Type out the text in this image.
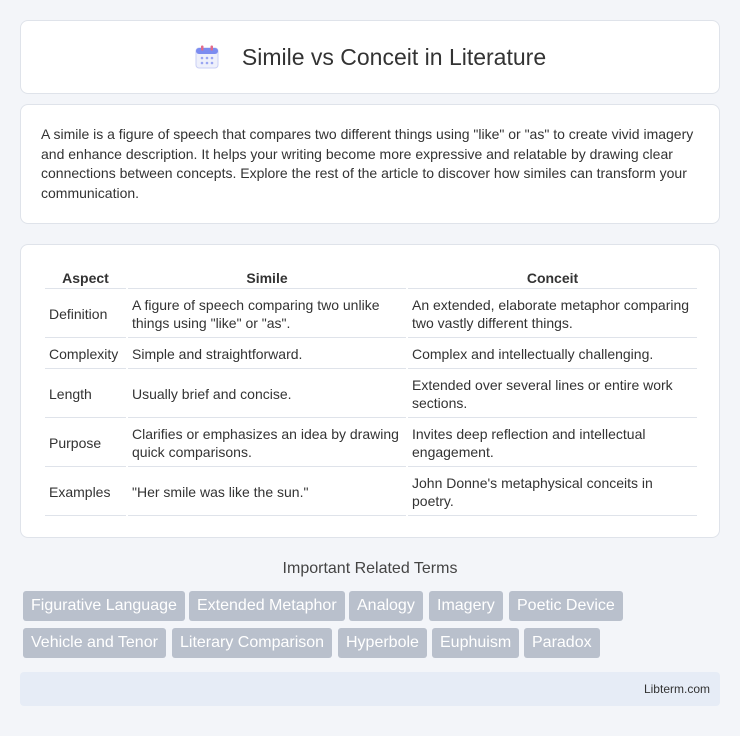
Simile vs Conceit in Literature

A simile is a figure of speech that compares two different things using "like" or "as" to create vivid imagery and enhance description. It helps your writing become more expressive and relatable by drawing clear connections between concepts. Explore the rest of the article to discover how similes can transform your communication.

Aspect	Simile	Conceit
Definition	A figure of speech comparing two unlike things using "like" or "as".	An extended, elaborate metaphor comparing two vastly different things.
Complexity	Simple and straightforward.	Complex and intellectually challenging.
Length	Usually brief and concise.	Extended over several lines or entire work sections.
Purpose	Clarifies or emphasizes an idea by drawing quick comparisons.	Invites deep reflection and intellectual engagement.
Examples	"Her smile was like the sun."	John Donne's metaphysical conceits in poetry.
Important Related Terms
Figurative Language	Extended Metaphor	Analogy	Imagery	Poetic Device
Vehicle and Tenor	Literary Comparison	Hyperbole	Euphuism	Paradox
Libterm.com
